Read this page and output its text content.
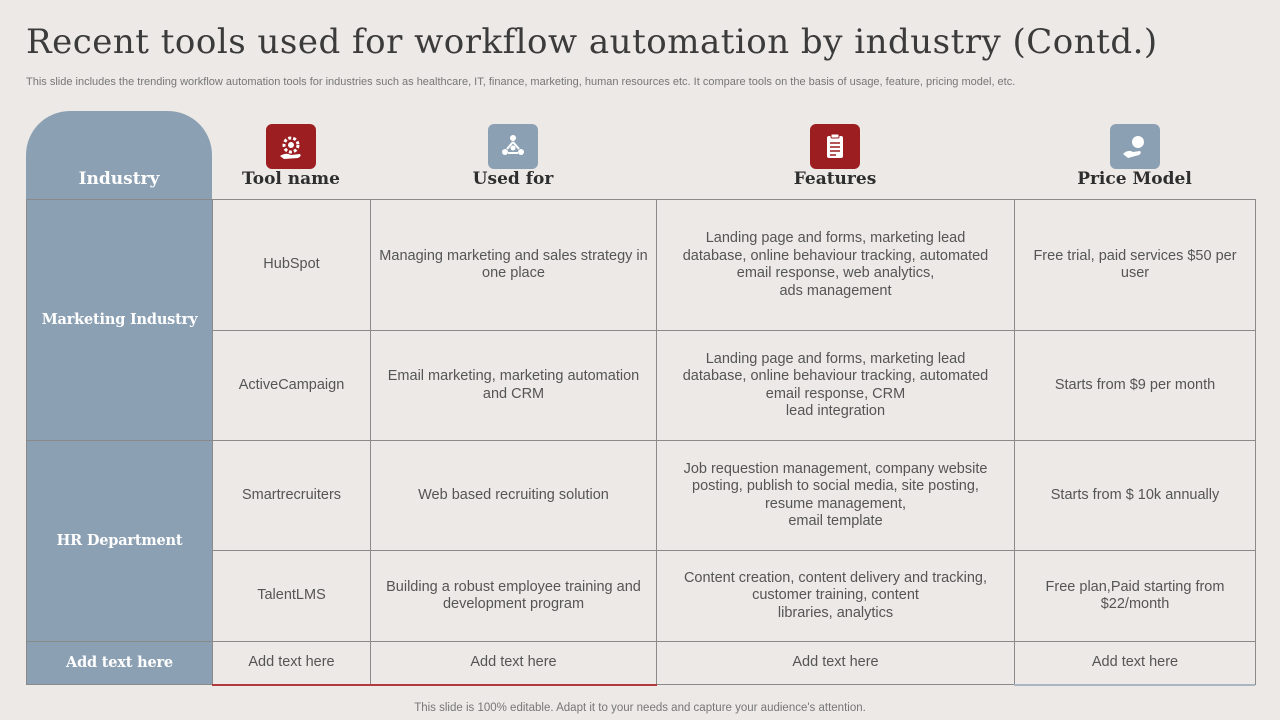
Recent tools used for workflow automation by industry (Contd.)
This slide includes the trending workflow automation tools for industries such as healthcare, IT, finance, marketing, human resources etc. It compare tools on the basis of usage, feature, pricing model, etc.
Industry	Tool name	Used for	Features	Price Model
Marketing Industry	HubSpot	Managing marketing and sales strategy in one place	Landing page and forms, marketing lead
database, online behaviour tracking, automated
email response, web analytics,
ads management	Free trial, paid services $50 per user
	ActiveCampaign	Email marketing, marketing automation and CRM	Landing page and forms, marketing lead
database, online behaviour tracking, automated
email response, CRM
lead integration	Starts from $9 per month
HR Department	Smartrecruiters	Web based recruiting solution	Job requestion management, company website
posting, publish to social media, site posting,
resume management,
email template	Starts from $ 10k annually
	TalentLMS	Building a robust employee training and development program	Content creation, content delivery and tracking,
customer training, content
libraries, analytics	Free plan,Paid starting from $22/month
Add text here	Add text here	Add text here	Add text here	Add text here
This slide is 100% editable. Adapt it to your needs and capture your audience's attention.
